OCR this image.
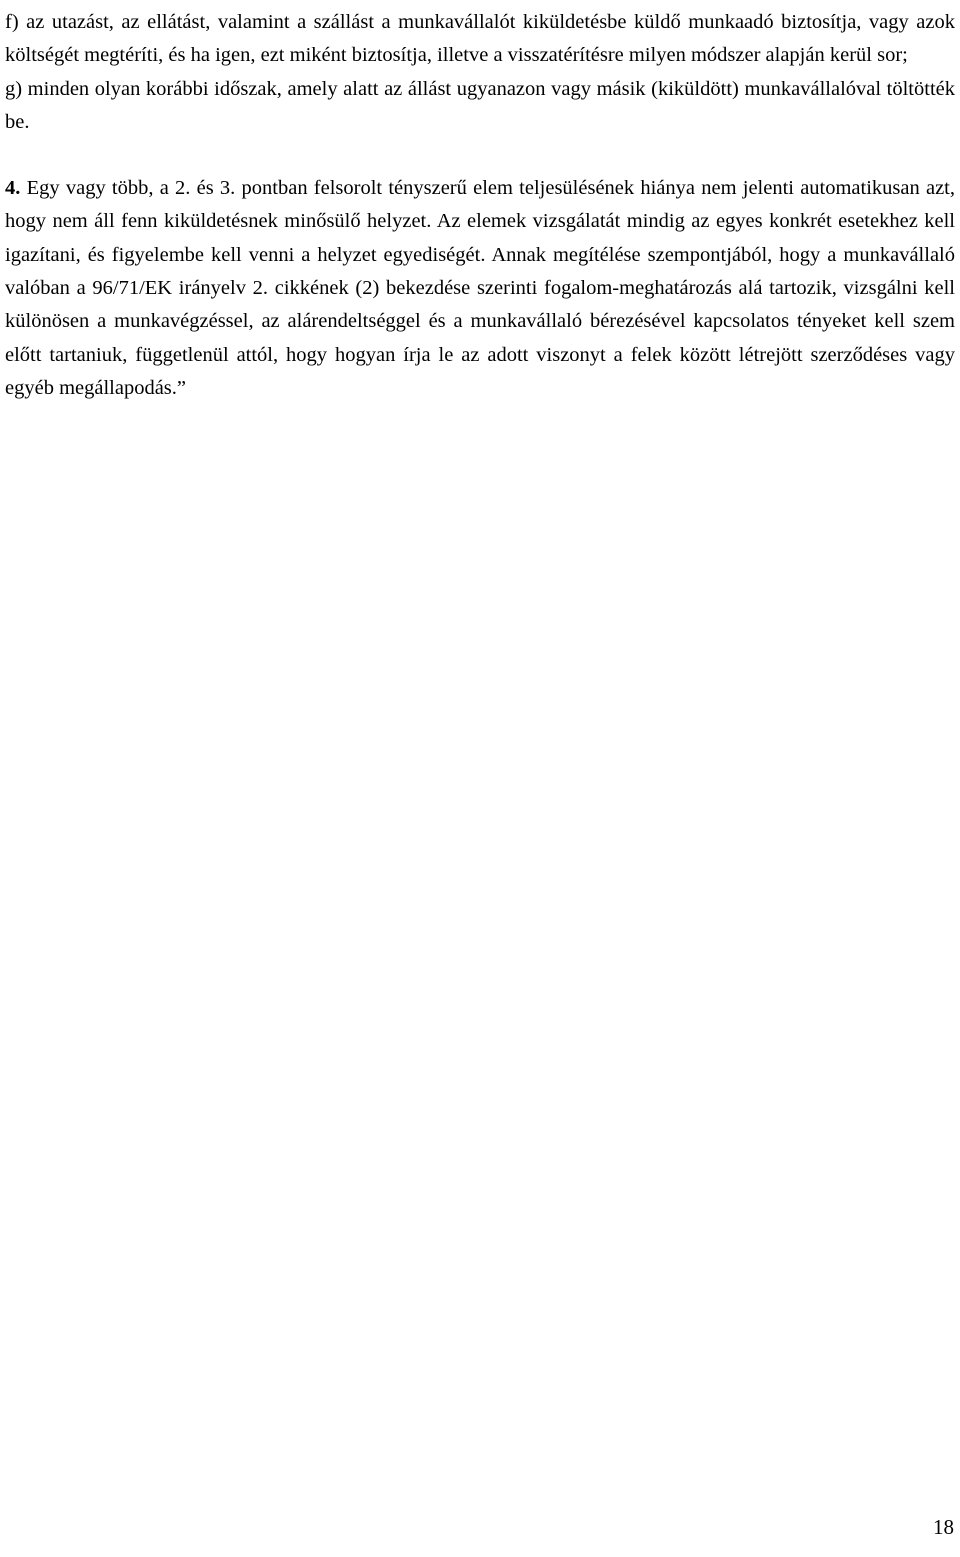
f) az utazást, az ellátást, valamint a szállást a munkavállalót kiküldetésbe küldő munkaadó biztosítja, vagy azok költségét megtéríti, és ha igen, ezt miként biztosítja, illetve a visszatérítésre milyen módszer alapján kerül sor;

g) minden olyan korábbi időszak, amely alatt az állást ugyanazon vagy másik (kiküldött) munkavállalóval töltötték be.

4. Egy vagy több, a 2. és 3. pontban felsorolt tényszerű elem teljesülésének hiánya nem jelenti automatikusan azt, hogy nem áll fenn kiküldetésnek minősülő helyzet. Az elemek vizsgálatát mindig az egyes konkrét esetekhez kell igazítani, és figyelembe kell venni a helyzet egyediségét. Annak megítélése szempontjából, hogy a munkavállaló valóban a 96/71/EK irányelv 2. cikkének (2) bekezdése szerinti fogalom-meghatározás alá tartozik, vizsgálni kell különösen a munkavégzéssel, az alárendeltséggel és a munkavállaló bérezésével kapcsolatos tényeket kell szem előtt tartaniuk, függetlenül attól, hogy hogyan írja le az adott viszonyt a felek között létrejött szerződéses vagy egyéb megállapodás.”

18
